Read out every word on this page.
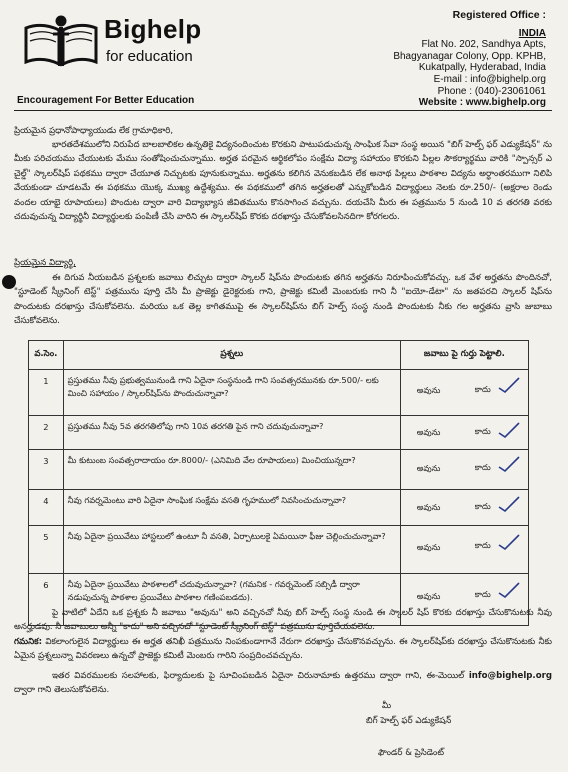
Bighelp
for education
Encouragement For Better Education
Registered Office :
INDIA
Flat No. 202, Sandhya Apts,
Bhagyanagar Colony, Opp. KPHB,
Kukatpally, Hyderabad, India
E-mail : info@bighelp.org
Phone : (040)-23061061
Website : www.bighelp.org
ప్రియమైన ప్రధానోపాధ్యాయుడు లేక గ్రామాధికారి,
భారతదేశములోని నిరుపేద బాలబాలికల ఉన్నతికై విద్యనందించుట కొరకుని పాటుపడుచున్న సాంఘిక సేవా సంస్థ అయిన "బిగ్ హెల్ప్ ఫర్ ఎడ్యుకేషన్" ను మీకు పరిచయము చేయుటకు మేము సంతోషించుచున్నాము. అర్హత పరమైన ఆర్థికలోపం సంక్షేమ విద్యా సహాయం కొరకుని పిల్లల సౌకర్యార్థము వారికి "స్పాన్సర్ ఎ చైల్డ్" స్కాలర్‌షిప్ పథకము ద్వారా చేయూత నిచ్చుటకు పూనుకున్నాము. అర్హతను కలిగిన వెనుకబడిన లేక అనాథ పిల్లలు పాఠశాల విద్యను అర్ధాంతరముగా నిలిపి వేయకుండా చూడటమే ఈ పథకము యొక్క ముఖ్య ఉద్దేశ్యము. ఈ పథకములో తగిన అర్హతలతో ఎన్నుకోబడిన విద్యార్థులు నెలకు రూ.250/- (అక్షరాల రెండు వందల యాభై రూపాయలు) పొందుట ద్వారా వారి విద్యాభ్యాస జీవితమును కొనసాగించ వచ్చును. దయచేసి మీరు ఈ పత్రమును 5 నుండి 10 వ తరగతి వరకు చదువుచున్న విద్యార్థినీ విద్యార్థులకు పంపిణీ చేసి వారిని ఈ స్కాలర్‌షిప్ కొరకు దరఖాస్తు చేసుకోవలసినదిగా కోరగలరు.
ప్రియమైన విద్యార్థి,
ఈ దిగువ నీయబడిన ప్రశ్నలకు జవాబు లిచ్చుట ద్వారా స్కాలర్ షిప్‌ను పొందుటకు తగిన అర్హతను నిరూపించుకోవచ్చు. ఒక వేళ అర్హతను పొందినచో, "స్టూడెంట్ స్క్రీనింగ్ టెస్ట్" పత్రమును పూర్తి చేసి మీ ప్రాజెక్టు డైరెక్టరుకు గాని, ప్రాజెక్టు కమిటీ మెంబరుకు గాని నీ "ఐయో-డేటా" ను జతపరచి స్కాలర్ షిప్‌ను పొందుటకు దరఖాస్తు చేసుకోవలెను. మరియు ఒక తెల్ల కాగితముపై ఈ స్కాలర్‌షిప్‌ను బిగ్ హెల్ప్ సంస్థ నుండి పొందుటకు నీకు గల అర్హతను వ్రాసి జుబాబు చేసుకోవలెను.
వ.సెం.	ప్రశ్నలు	జవాబు పై గుర్తు పెట్టాలి.
1	ప్రస్తుతము నీవు ప్రభుత్వమునుండి గాని ఏదైనా సంస్థనుండి గాని సంవత్సరమునకు రూ.500/- లకు మించి సహాయం / స్కాలర్‌షిప్‌ను పొందుచున్నావా?	అవును కాదు

2	ప్రస్తుతము నీవు 5వ తరగతిలోపు గాని 10వ తరగతి పైన గాని చదువుచున్నావా?	అవును కాదు

3	మీ కుటుంబ సంవత్సరాదాయం రూ.8000/- (ఎనిమిది వేల రూపాయలు) మించియున్నదా?	అవును కాదు

4	నీవు గవర్నమెంటు వారి ఏదైనా సాంఘిక సంక్షేమ వసతి గృహములో నివసించుచున్నావా?	అవును కాదు

5	నీవు ఏదైనా ప్రయివేటు హాస్టలులో ఉంటూ నీ వసతి, ఏర్పాటులకై ఏమయినా ఫీజు చెల్లించుచున్నావా?	అవును కాదు

6	నీవు ఏదైనా ప్రయివేటు పాఠశాలలో చదువుచున్నావా? (గమనిక - గవర్నమెంట్ సబ్సిడీ ద్వారా నడుపుచున్న పాఠశాల ప్రయివేటు పాఠశాల గణింపబడదు).	అవును కాదు
పై వాటిలో ఏదేని ఒక ప్రశ్నకు నీ జవాబు "అవును" అని వచ్చినచో నీవు బిగ్ హెల్ప్ సంస్థ నుండి ఈ స్కాలర్ షిప్ కొరకు దరఖాస్తు చేసుకొనుటకు నీవు అనర్హుడవు. నీ జవాబులు అన్నీ "కాదు" అని వచ్చినచో "స్టూడెంట్ స్క్రీనింగ్ టెస్ట్" పత్రమును పూర్తిచేయవలెను.
గమనిక: వికలాంగులైన విద్యార్థులు ఈ అర్హత తనిఖీ పత్రమును నింపకుండాగానే నేరుగా దరఖాస్తు చేసుకొనవచ్చును. ఈ స్కాలర్‌షిప్‌కు దరఖాస్తు చేసుకొనుటకు నీకు ఏమైన ప్రశ్నలున్నా వివరణలు ఉన్నచో ప్రాజెక్టు కమిటీ మెంబరు గారిని సంప్రదించవచ్చును.
ఇతర వివరములకు సలహాలకు, ఫిర్యాదులకు పై సూచింపబడిన ఏదైనా చిరునామాకు ఉత్తరము ద్వారా గాని, ఈ-మెయిల్ info@bighelp.org ద్వారా గాని తెలుసుకోవలెను.
మీ
బిగ్ హెల్ప్ ఫర్ ఎడ్యుకేషన్
ఫౌండర్ & ప్రెసిడెంట్
